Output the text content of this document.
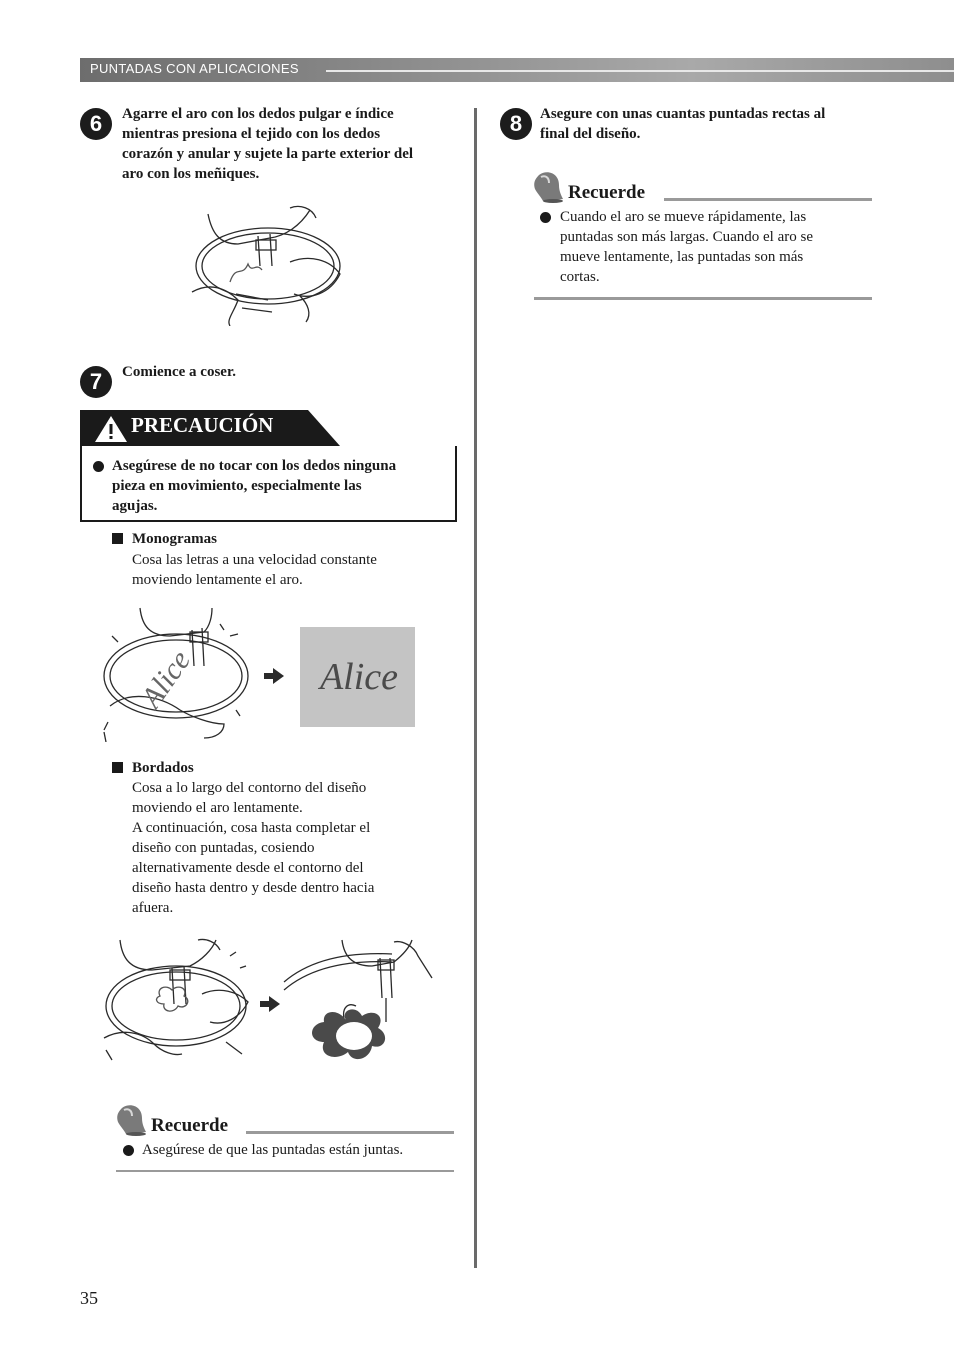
PUNTADAS CON APLICACIONES
6	Agarre el aro con los dedos pulgar e índice
mientras presiona el tejido con los dedos
corazón y anular y sujete la parte exterior del
aro con los meñiques.
7	Comience a coser.
PRECAUCIÓN
Asegúrese de no tocar con los dedos ninguna
pieza en movimiento, especialmente las
agujas.
Monogramas
Cosa las letras a una velocidad constante
moviendo lentamente el aro.
Alice	Alice
Bordados
Cosa a lo largo del contorno del diseño
moviendo el aro lentamente.
A continuación, cosa hasta completar el
diseño con puntadas, cosiendo
alternativamente desde el contorno del
diseño hasta dentro y desde dentro hacia
afuera.
Recuerde
Asegúrese de que las puntadas están juntas.
8	Asegure con unas cuantas puntadas rectas al
final del diseño.
Recuerde
Cuando el aro se mueve rápidamente, las
puntadas son más largas. Cuando el aro se
mueve lentamente, las puntadas son más
cortas.
35
